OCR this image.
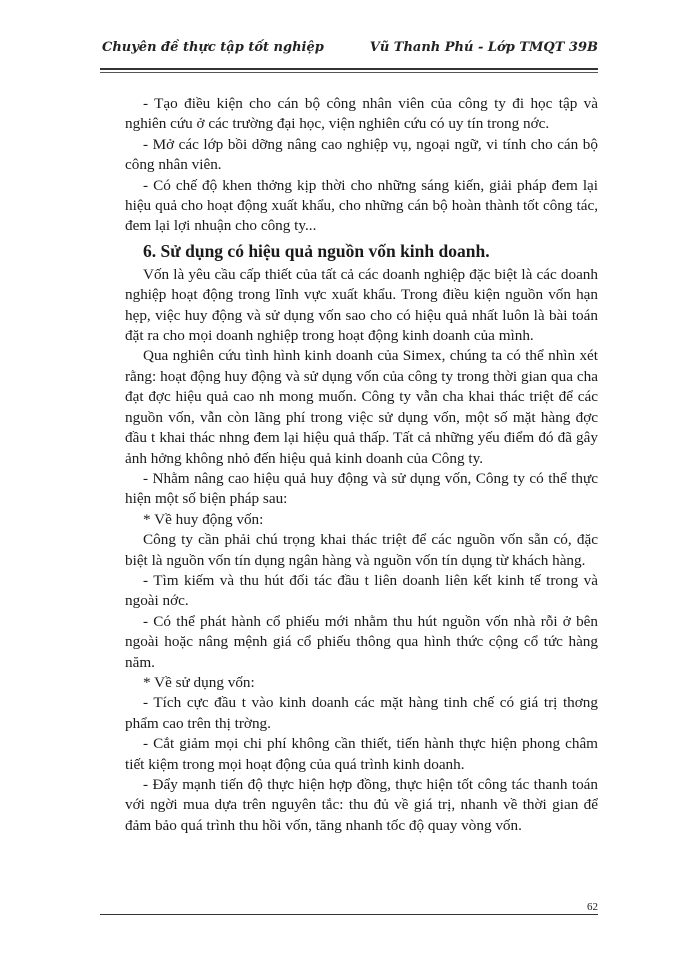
Chuyên đề thực tập tốt nghiệp	Vũ Thanh Phú - Lớp TMQT 39B

- Tạo điều kiện cho cán bộ công nhân viên của công ty đi học tập và nghiên cứu ở các trường đại học, viện nghiên cứu có uy tín trong nớc.

- Mở các lớp bồi dỡng nâng cao nghiệp vụ, ngoại ngữ, vi tính cho cán bộ công nhân viên.

- Có chế độ khen thởng kịp thời cho những sáng kiến, giải pháp đem lại hiệu quả cho hoạt động xuất khẩu, cho những cán bộ hoàn thành tốt công tác, đem lại lợi nhuận cho công ty...

6. Sử dụng có hiệu quả nguồn vốn kinh doanh.

Vốn là yêu cầu cấp thiết của tất cả các doanh nghiệp đặc biệt là các doanh nghiệp hoạt động trong lĩnh vực xuất khẩu. Trong điều kiện nguồn vốn hạn hẹp, việc huy động và sử dụng vốn sao cho có hiệu quả nhất luôn là bài toán đặt ra cho mọi doanh nghiệp trong hoạt động kinh doanh của mình.

Qua nghiên cứu tình hình kinh doanh của Simex, chúng ta có thể nhìn xét rằng: hoạt động huy động và sử dụng vốn của công ty trong thời gian qua cha đạt đợc hiệu quả cao nh mong muốn. Công ty vẫn cha khai thác triệt để các nguồn vốn, vẫn còn lãng phí trong việc sử dụng vốn, một số mặt hàng đợc đầu t khai thác nhng đem lại hiệu quả thấp. Tất cả những yếu điểm đó đã gây ảnh hởng không nhỏ đến hiệu quả kinh doanh của Công ty.

- Nhằm nâng cao hiệu quả huy động và sử dụng vốn, Công ty có thể thực hiện một số biện pháp sau:

* Về huy động vốn:

Công ty cần phải chú trọng khai thác triệt để các nguồn vốn sẵn có, đặc biệt là nguồn vốn tín dụng ngân hàng và nguồn vốn tín dụng từ khách hàng.

- Tìm kiếm và thu hút đối tác đầu t liên doanh liên kết kinh tế trong và ngoài nớc.

- Có thể phát hành cổ phiếu mới nhằm thu hút nguồn vốn nhà rỗi ở bên ngoài hoặc nâng mệnh giá cổ phiếu thông qua hình thức cộng cổ tức hàng năm.

* Về sử dụng vốn:

- Tích cực đầu t vào kinh doanh các mặt hàng tinh chế có giá trị thơng phẩm cao trên thị trờng.

- Cắt giảm mọi chi phí không cần thiết, tiến hành thực hiện phong châm tiết kiệm trong mọi hoạt động của quá trình kinh doanh.

- Đẩy mạnh tiến độ thực hiện hợp đồng, thực hiện tốt công tác thanh toán với ngời mua dựa trên nguyên tắc: thu đủ về giá trị, nhanh về thời gian để đảm bảo quá trình thu hồi vốn, tăng nhanh tốc độ quay vòng vốn.

62
